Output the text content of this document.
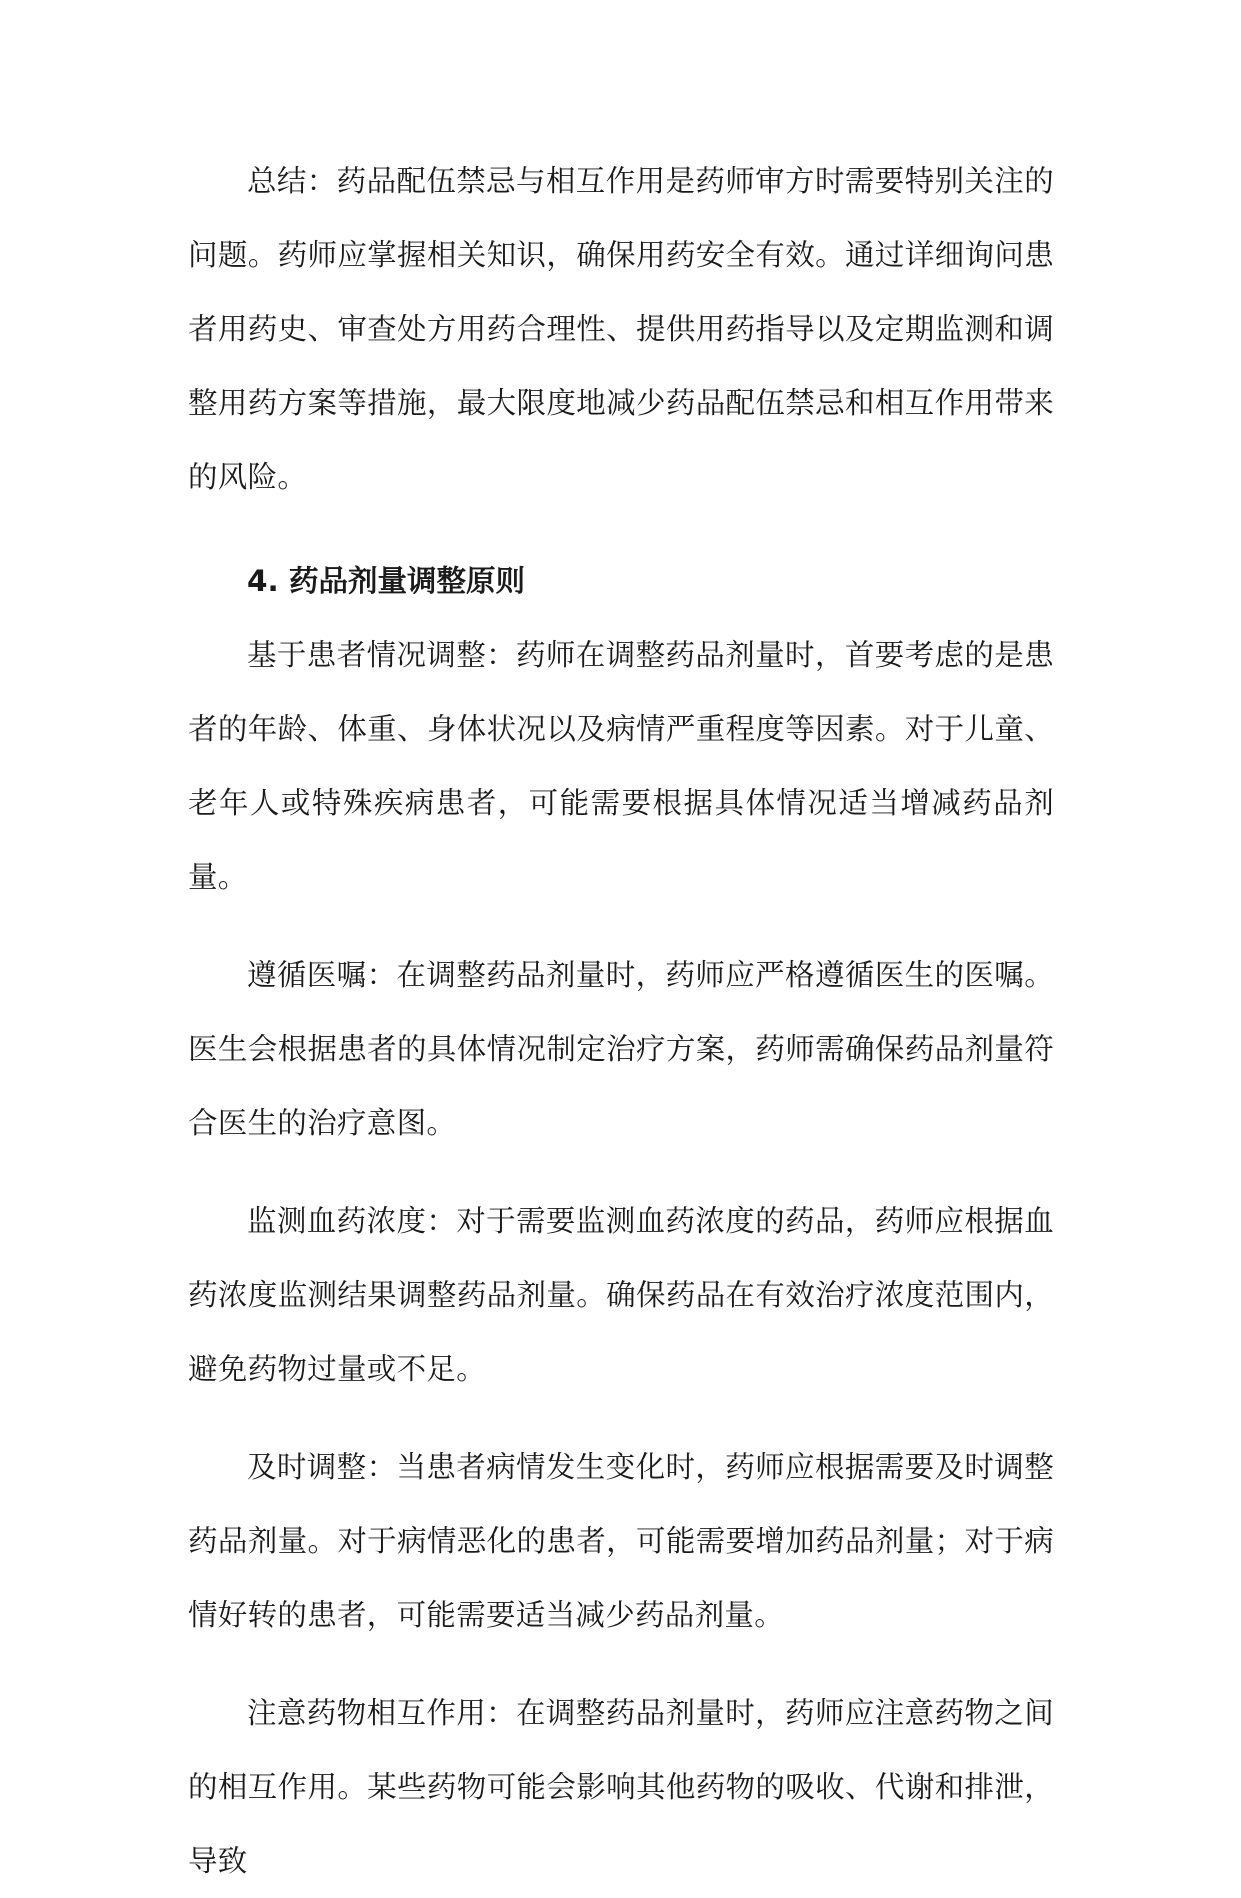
总结：药品配伍禁忌与相互作用是药师审方时需要特别关注的问题。药师应掌握相关知识，确保用药安全有效。通过详细询问患者用药史、审查处方用药合理性、提供用药指导以及定期监测和调整用药方案等措施，最大限度地减少药品配伍禁忌和相互作用带来的风险。

4. 药品剂量调整原则

基于患者情况调整：药师在调整药品剂量时，首要考虑的是患者的年龄、体重、身体状况以及病情严重程度等因素。对于儿童、老年人或特殊疾病患者，可能需要根据具体情况适当增减药品剂量。

遵循医嘱：在调整药品剂量时，药师应严格遵循医生的医嘱。医生会根据患者的具体情况制定治疗方案，药师需确保药品剂量符合医生的治疗意图。

监测血药浓度：对于需要监测血药浓度的药品，药师应根据血药浓度监测结果调整药品剂量。确保药品在有效治疗浓度范围内，避免药物过量或不足。

及时调整：当患者病情发生变化时，药师应根据需要及时调整药品剂量。对于病情恶化的患者，可能需要增加药品剂量；对于病情好转的患者，可能需要适当减少药品剂量。

注意药物相互作用：在调整药品剂量时，药师应注意药物之间的相互作用。某些药物可能会影响其他药物的吸收、代谢和排泄，导致
